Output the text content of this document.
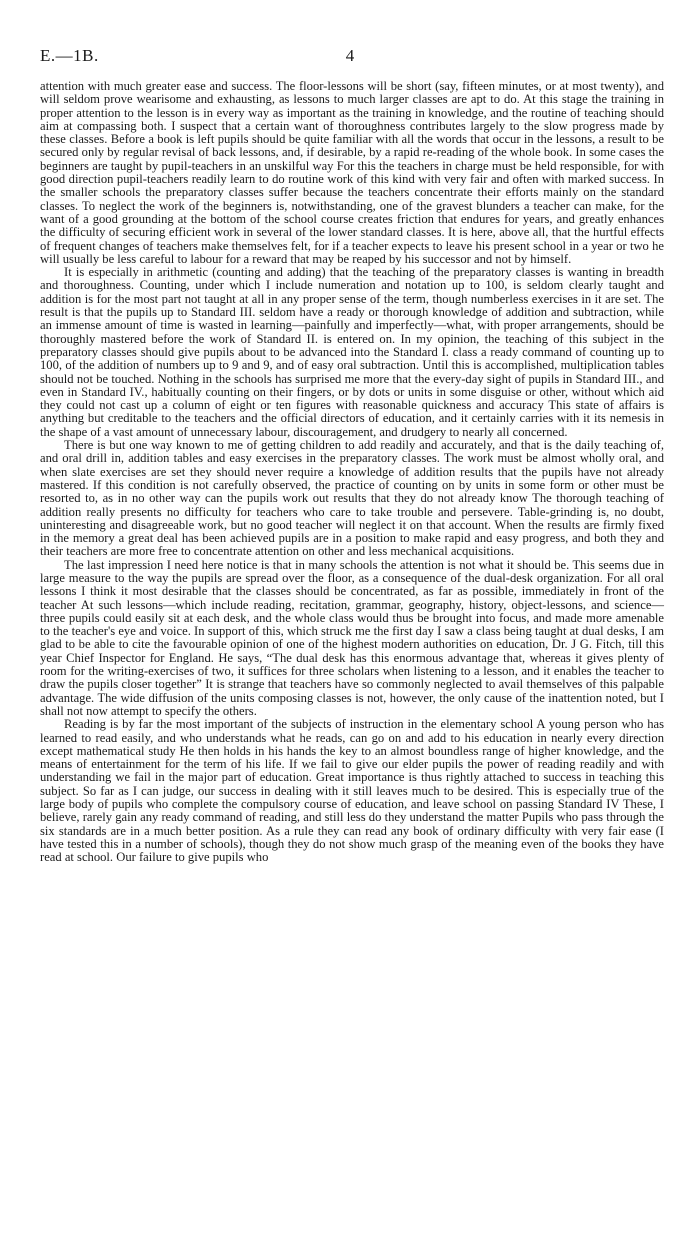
E.—1B.	4

attention with much greater ease and success. The floor-lessons will be short (say, fifteen minutes, or at most twenty), and will seldom prove wearisome and exhausting, as lessons to much larger classes are apt to do. At this stage the training in proper attention to the lesson is in every way as important as the training in knowledge, and the routine of teaching should aim at compassing both. I suspect that a certain want of thoroughness contributes largely to the slow progress made by these classes. Before a book is left pupils should be quite familiar with all the words that occur in the lessons, a result to be secured only by regular revisal of back lessons, and, if desirable, by a rapid re-reading of the whole book. In some cases the beginners are taught by pupil-teachers in an unskilful way For this the teachers in charge must be held responsible, for with good direction pupil-teachers readily learn to do routine work of this kind with very fair and often with marked success. In the smaller schools the preparatory classes suffer because the teachers concentrate their efforts mainly on the standard classes. To neglect the work of the beginners is, notwithstanding, one of the gravest blunders a teacher can make, for the want of a good grounding at the bottom of the school course creates friction that endures for years, and greatly enhances the difficulty of securing efficient work in several of the lower standard classes. It is here, above all, that the hurtful effects of frequent changes of teachers make themselves felt, for if a teacher expects to leave his present school in a year or two he will usually be less careful to labour for a reward that may be reaped by his successor and not by himself.

It is especially in arithmetic (counting and adding) that the teaching of the preparatory classes is wanting in breadth and thoroughness. Counting, under which I include numeration and notation up to 100, is seldom clearly taught and addition is for the most part not taught at all in any proper sense of the term, though numberless exercises in it are set. The result is that the pupils up to Standard III. seldom have a ready or thorough knowledge of addition and subtraction, while an immense amount of time is wasted in learning—painfully and imperfectly—what, with proper arrangements, should be thoroughly mastered before the work of Standard II. is entered on. In my opinion, the teaching of this subject in the preparatory classes should give pupils about to be advanced into the Standard I. class a ready command of counting up to 100, of the addition of numbers up to 9 and 9, and of easy oral subtraction. Until this is accomplished, multiplication tables should not be touched. Nothing in the schools has surprised me more that the every-day sight of pupils in Standard III., and even in Standard IV., habitually counting on their fingers, or by dots or units in some disguise or other, without which aid they could not cast up a column of eight or ten figures with reasonable quickness and accuracy This state of affairs is anything but creditable to the teachers and the official directors of education, and it certainly carries with it its nemesis in the shape of a vast amount of unnecessary labour, discouragement, and drudgery to nearly all concerned.

There is but one way known to me of getting children to add readily and accurately, and that is the daily teaching of, and oral drill in, addition tables and easy exercises in the preparatory classes. The work must be almost wholly oral, and when slate exercises are set they should never require a knowledge of addition results that the pupils have not already mastered. If this condition is not carefully observed, the practice of counting on by units in some form or other must be resorted to, as in no other way can the pupils work out results that they do not already know The thorough teaching of addition really presents no difficulty for teachers who care to take trouble and persevere. Table-grinding is, no doubt, uninteresting and disagreeable work, but no good teacher will neglect it on that account. When the results are firmly fixed in the memory a great deal has been achieved pupils are in a position to make rapid and easy progress, and both they and their teachers are more free to concentrate attention on other and less mechanical acquisitions.

The last impression I need here notice is that in many schools the attention is not what it should be. This seems due in large measure to the way the pupils are spread over the floor, as a consequence of the dual-desk organization. For all oral lessons I think it most desirable that the classes should be concentrated, as far as possible, immediately in front of the teacher At such lessons—which include reading, recitation, grammar, geography, history, object-lessons, and science—three pupils could easily sit at each desk, and the whole class would thus be brought into focus, and made more amenable to the teacher's eye and voice. In support of this, which struck me the first day I saw a class being taught at dual desks, I am glad to be able to cite the favourable opinion of one of the highest modern authorities on education, Dr. J G. Fitch, till this year Chief Inspector for England. He says, “The dual desk has this enormous advantage that, whereas it gives plenty of room for the writing-exercises of two, it suffices for three scholars when listening to a lesson, and it enables the teacher to draw the pupils closer together” It is strange that teachers have so commonly neglected to avail themselves of this palpable advantage. The wide diffusion of the units composing classes is not, however, the only cause of the inattention noted, but I shall not now attempt to specify the others.

Reading is by far the most important of the subjects of instruction in the elementary school A young person who has learned to read easily, and who understands what he reads, can go on and add to his education in nearly every direction except mathematical study He then holds in his hands the key to an almost boundless range of higher knowledge, and the means of entertainment for the term of his life. If we fail to give our elder pupils the power of reading readily and with understanding we fail in the major part of education. Great importance is thus rightly attached to success in teaching this subject. So far as I can judge, our success in dealing with it still leaves much to be desired. This is especially true of the large body of pupils who complete the compulsory course of education, and leave school on passing Standard IV These, I believe, rarely gain any ready command of reading, and still less do they understand the matter Pupils who pass through the six standards are in a much better position. As a rule they can read any book of ordinary difficulty with very fair ease (I have tested this in a number of schools), though they do not show much grasp of the meaning even of the books they have read at school. Our failure to give pupils who
